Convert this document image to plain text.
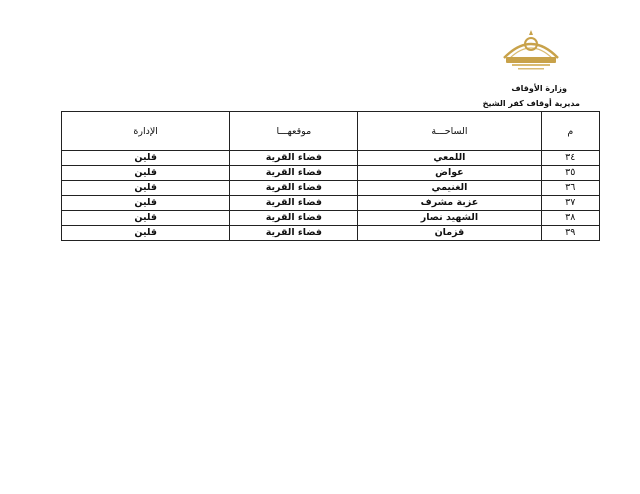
وزارة الأوقاف
مديرية أوقاف كفر الشيخ
م	الساحـــة	موقعهـــا	الإدارة
٣٤	اللمعي	فضاء القرية	قلين
٣٥	عواض	فضاء القرية	قلين
٣٦	الغنيمي	فضاء القرية	قلين
٣٧	عزبة مشرف	فضاء القرية	قلين
٣٨	الشهيد نصار	فضاء القرية	قلين
٣٩	قزمان	فضاء القرية	قلين
